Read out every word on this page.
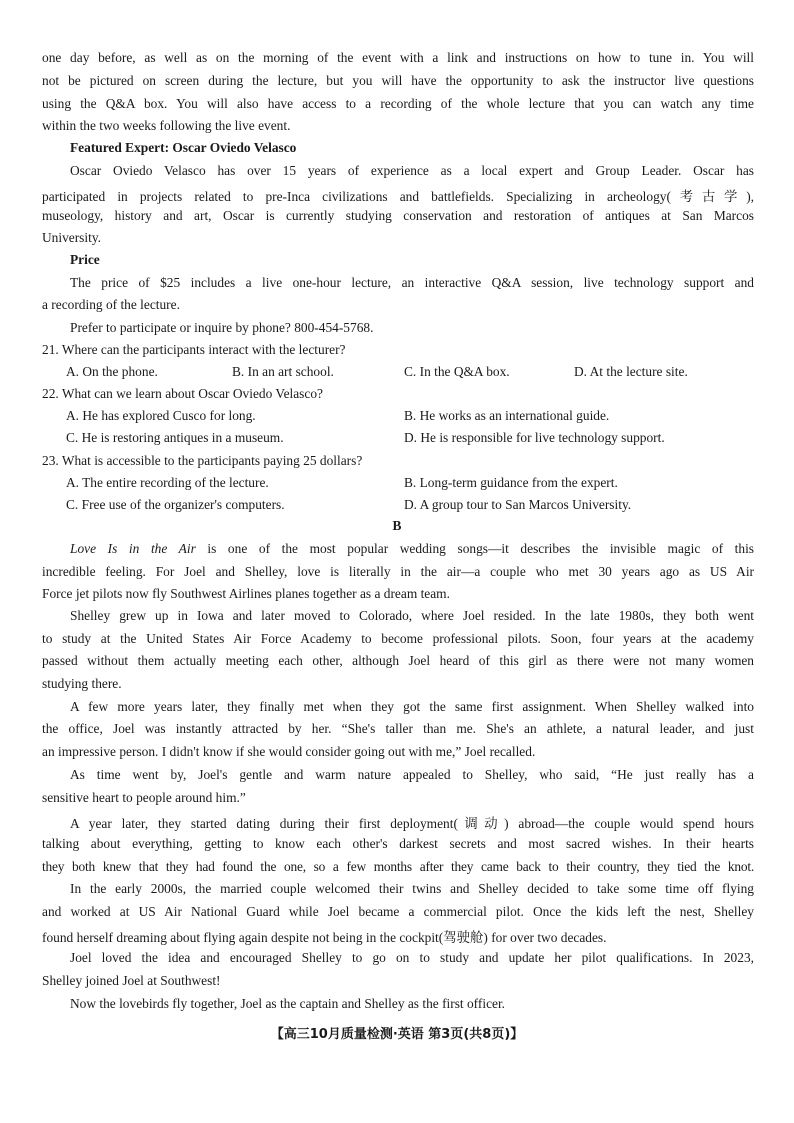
one day before, as well as on the morning of the event with a link and instructions on how to tune in. You will
not be pictured on screen during the lecture, but you will have the opportunity to ask the instructor live questions
using the Q&A box. You will also have access to a recording of the whole lecture that you can watch any time
within the two weeks following the live event.
Featured Expert: Oscar Oviedo Velasco
Oscar Oviedo Velasco has over 15 years of experience as a local expert and Group Leader. Oscar has
participated in projects related to pre-Inca civilizations and battlefields. Specializing in archeology(考古学),
museology, history and art, Oscar is currently studying conservation and restoration of antiques at San Marcos
University.
Price
The price of $25 includes a live one-hour lecture, an interactive Q&A session, live technology support and
a recording of the lecture.
Prefer to participate or inquire by phone? 800-454-5768.
21. Where can the participants interact with the lecturer?
A. On the phone.	B. In an art school.	C. In the Q&A box.	D. At the lecture site.
22. What can we learn about Oscar Oviedo Velasco?
A. He has explored Cusco for long.	B. He works as an international guide.
C. He is restoring antiques in a museum.	D. He is responsible for live technology support.
23. What is accessible to the participants paying 25 dollars?
A. The entire recording of the lecture.	B. Long-term guidance from the expert.
C. Free use of the organizer's computers.	D. A group tour to San Marcos University.
B
Love Is in the Air is one of the most popular wedding songs—it describes the invisible magic of this
incredible feeling. For Joel and Shelley, love is literally in the air—a couple who met 30 years ago as US Air
Force jet pilots now fly Southwest Airlines planes together as a dream team.
Shelley grew up in Iowa and later moved to Colorado, where Joel resided. In the late 1980s, they both went
to study at the United States Air Force Academy to become professional pilots. Soon, four years at the academy
passed without them actually meeting each other, although Joel heard of this girl as there were not many women
studying there.
A few more years later, they finally met when they got the same first assignment. When Shelley walked into
the office, Joel was instantly attracted by her. “She's taller than me. She's an athlete, a natural leader, and just
an impressive person. I didn't know if she would consider going out with me,” Joel recalled.
As time went by, Joel's gentle and warm nature appealed to Shelley, who said, “He just really has a
sensitive heart to people around him.”
A year later, they started dating during their first deployment(调动) abroad—the couple would spend hours
talking about everything, getting to know each other's darkest secrets and most sacred wishes. In their hearts
they both knew that they had found the one, so a few months after they came back to their country, they tied the knot.
In the early 2000s, the married couple welcomed their twins and Shelley decided to take some time off flying
and worked at US Air National Guard while Joel became a commercial pilot. Once the kids left the nest, Shelley
found herself dreaming about flying again despite not being in the cockpit(驾驶舱) for over two decades.
Joel loved the idea and encouraged Shelley to go on to study and update her pilot qualifications. In 2023,
Shelley joined Joel at Southwest!
Now the lovebirds fly together, Joel as the captain and Shelley as the first officer.
【高三10月质量检测·英语 第3页(共8页)】
